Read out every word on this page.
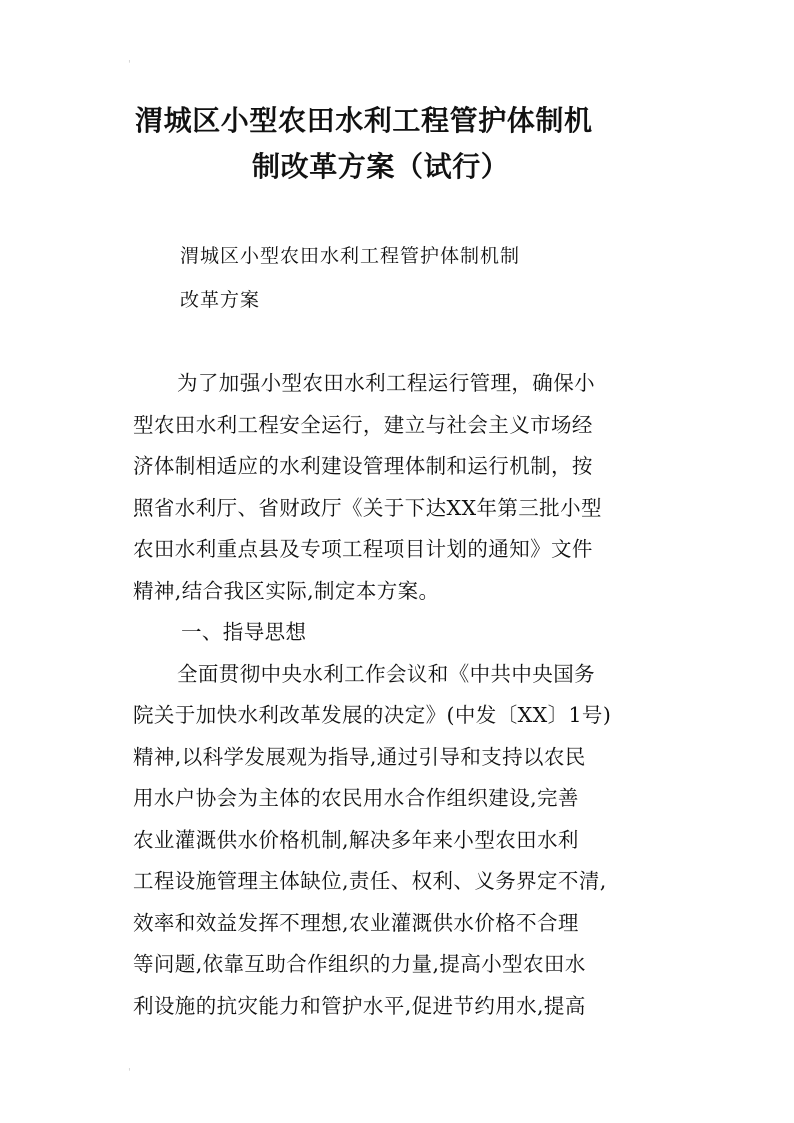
'
渭城区小型农田水利工程管护体制机
制改革方案（试行）
渭城区小型农田水利工程管护体制机制
改革方案
为了加强小型农田水利工程运行管理，确保小
型农田水利工程安全运行，建立与社会主义市场经
济体制相适应的水利建设管理体制和运行机制，按
照省水利厅、省财政厅《关于下达XX年第三批小型
农田水利重点县及专项工程项目计划的通知》文件
精神,结合我区实际,制定本方案。
一、指导思想
全面贯彻中央水利工作会议和《中共中央国务
院关于加快水利改革发展的决定》(中发〔XX〕1号)
精神,以科学发展观为指导,通过引导和支持以农民
用水户协会为主体的农民用水合作组织建设,完善
农业灌溉供水价格机制,解决多年来小型农田水利
工程设施管理主体缺位,责任、权利、义务界定不清,
效率和效益发挥不理想,农业灌溉供水价格不合理
等问题,依靠互助合作组织的力量,提高小型农田水
利设施的抗灾能力和管护水平,促进节约用水,提高
'
